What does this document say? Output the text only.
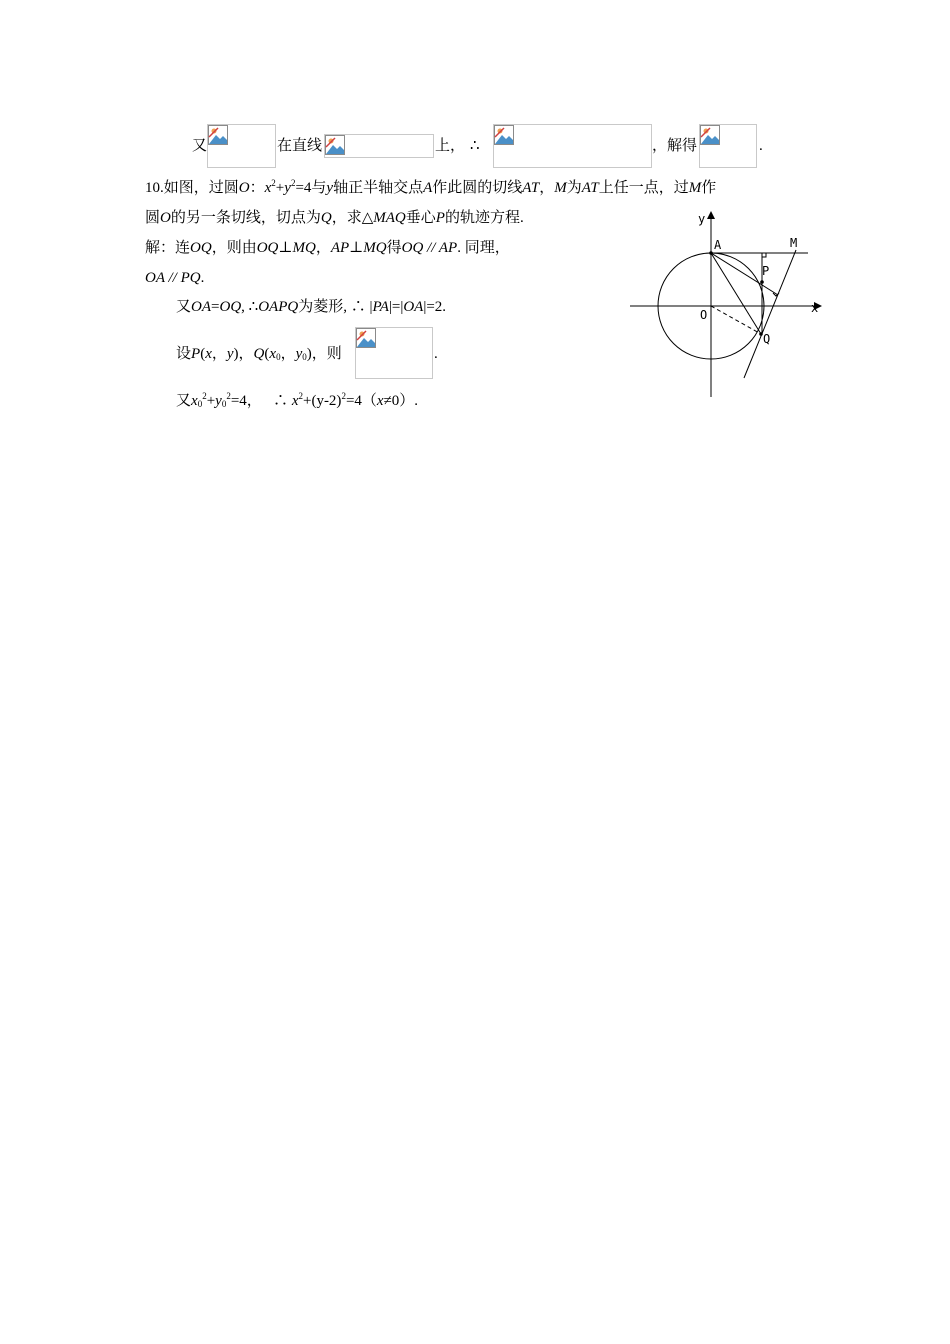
又	在直线	上， ∴	，解得	.
10.如图，过圆O：$x^2+y^2=4$与y轴正半轴交点A作此圆的切线AT，M为AT上任一点，过M作
圆O的另一条切线，切点为Q，求△MAQ垂心P的轨迹方程.
解：连OQ，则由OQ⊥MQ，AP⊥MQ得OQ // AP. 同理，
OA // PQ.
又OA=OQ, ∴OAPQ为菱形, ∴ |PA|=|OA|=2.
设P(x，y)，$Q(x_0$，$y_0$)，则	.
又$x_0^2+y_0^2=4$， ∴ $x^2+(y-2)^2=4(x\ne 0)$.
y
x
A	M
P
O
Q
